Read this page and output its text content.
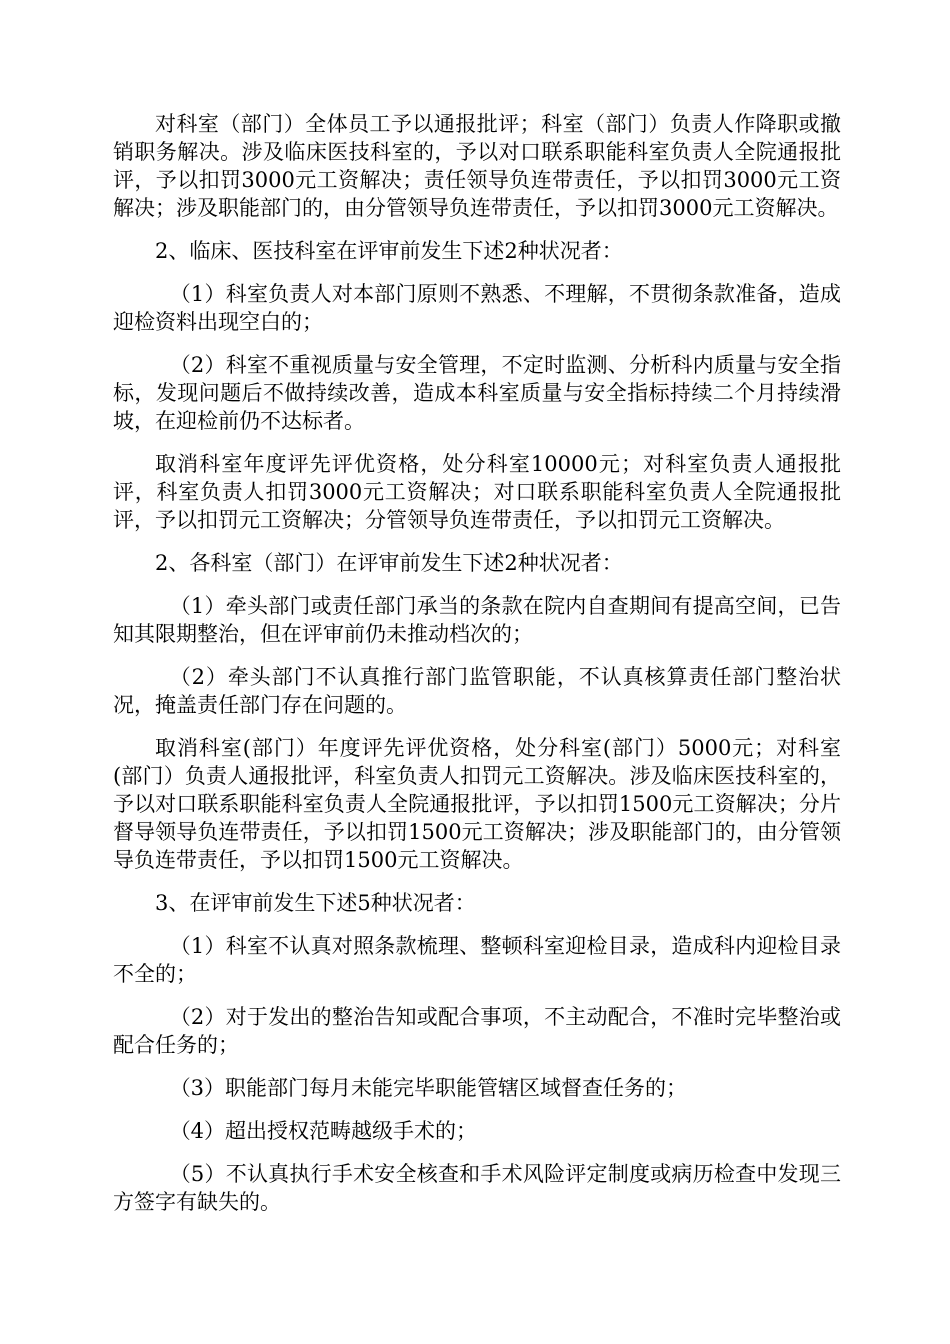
对科室（部门）全体员工予以通报批评；科室（部门）负责人作降职或撤销职务解决。涉及临床医技科室的，予以对口联系职能科室负责人全院通报批评，予以扣罚3000元工资解决；责任领导负连带责任，予以扣罚3000元工资解决；涉及职能部门的，由分管领导负连带责任，予以扣罚3000元工资解决。

2、临床、医技科室在评审前发生下述2种状况者：

（1）科室负责人对本部门原则不熟悉、不理解，不贯彻条款准备，造成迎检资料出现空白的；

（2）科室不重视质量与安全管理，不定时监测、分析科内质量与安全指标，发现问题后不做持续改善，造成本科室质量与安全指标持续二个月持续滑坡，在迎检前仍不达标者。

取消科室年度评先评优资格，处分科室10000元；对科室负责人通报批评，科室负责人扣罚3000元工资解决；对口联系职能科室负责人全院通报批评，予以扣罚元工资解决；分管领导负连带责任，予以扣罚元工资解决。

2、各科室（部门）在评审前发生下述2种状况者：

（1）牵头部门或责任部门承当的条款在院内自查期间有提高空间，已告知其限期整治，但在评审前仍未推动档次的；

（2）牵头部门不认真推行部门监管职能，不认真核算责任部门整治状况，掩盖责任部门存在问题的。

取消科室(部门）年度评先评优资格，处分科室(部门）5000元；对科室(部门）负责人通报批评，科室负责人扣罚元工资解决。涉及临床医技科室的，予以对口联系职能科室负责人全院通报批评，予以扣罚1500元工资解决；分片督导领导负连带责任，予以扣罚1500元工资解决；涉及职能部门的，由分管领导负连带责任，予以扣罚1500元工资解决。

3、在评审前发生下述5种状况者：

（1）科室不认真对照条款梳理、整顿科室迎检目录，造成科内迎检目录不全的；

（2）对于发出的整治告知或配合事项，不主动配合，不准时完毕整治或配合任务的；

（3）职能部门每月未能完毕职能管辖区域督查任务的；

（4）超出授权范畴越级手术的；

（5）不认真执行手术安全核查和手术风险评定制度或病历检查中发现三方签字有缺失的。
